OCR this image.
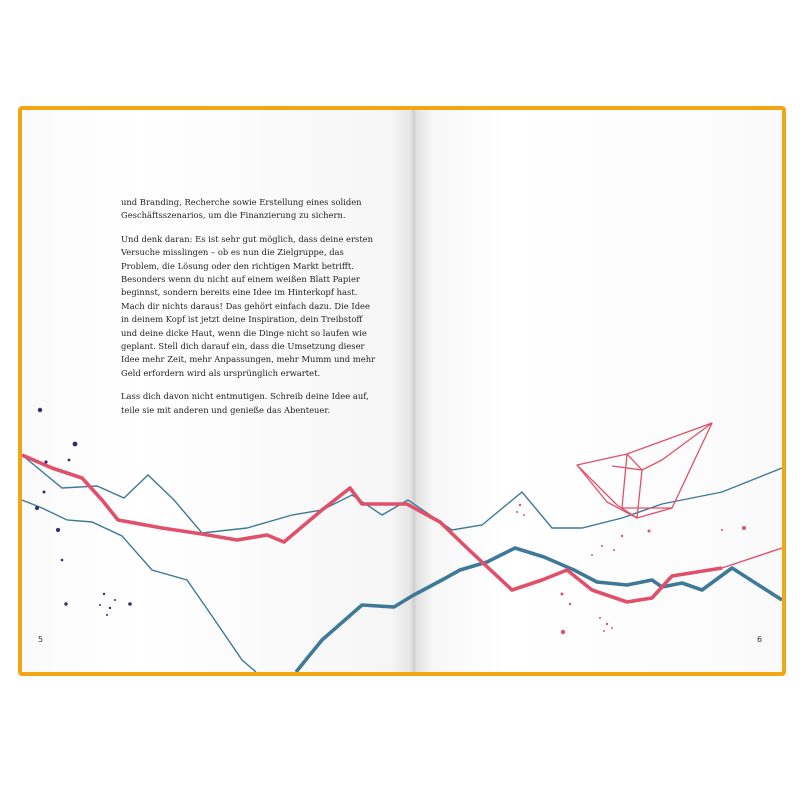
und Branding, Recherche sowie Erstellung eines soliden Geschäftsszenarios, um die Finanzierung zu sichern.

Und denk daran: Es ist sehr gut möglich, dass deine ersten Versuche misslingen – ob es nun die Zielgruppe, das Problem, die Lösung oder den richtigen Markt betrifft. Besonders wenn du nicht auf einem weißen Blatt Papier beginnst, sondern bereits eine Idee im Hinterkopf hast. Mach dir nichts daraus! Das gehört einfach dazu. Die Idee in deinem Kopf ist jetzt deine Inspiration, dein Treibstoff und deine dicke Haut, wenn die Dinge nicht so laufen wie geplant. Stell dich darauf ein, dass die Umsetzung dieser Idee mehr Zeit, mehr Anpassungen, mehr Mumm und mehr Geld erfordern wird als ursprünglich erwartet.

Lass dich davon nicht entmutigen. Schreib deine Idee auf, teile sie mit anderen und genieße das Abenteuer.

5	6
